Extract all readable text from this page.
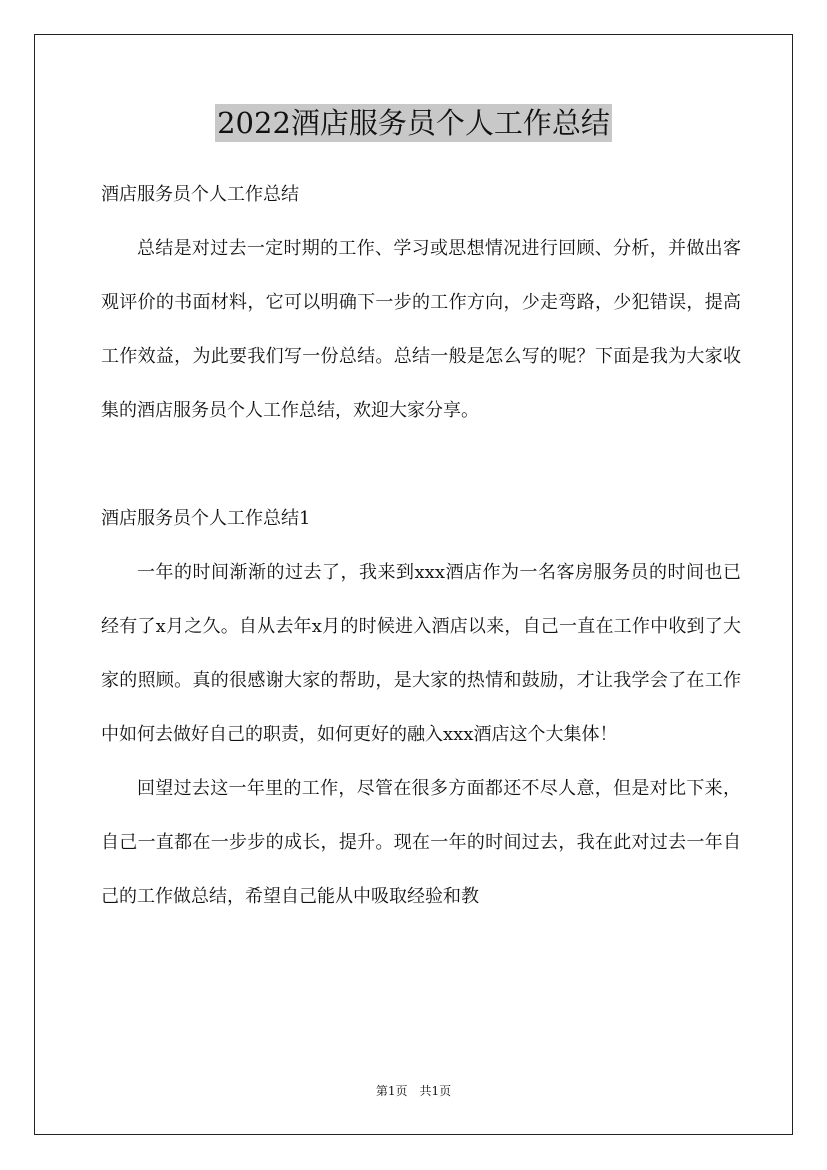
2022酒店服务员个人工作总结

酒店服务员个人工作总结

总结是对过去一定时期的工作、学习或思想情况进行回顾、分析，并做出客观评价的书面材料，它可以明确下一步的工作方向，少走弯路，少犯错误，提高工作效益，为此要我们写一份总结。总结一般是怎么写的呢？下面是我为大家收集的酒店服务员个人工作总结，欢迎大家分享。

酒店服务员个人工作总结1

一年的时间渐渐的过去了，我来到xxx酒店作为一名客房服务员的时间也已经有了x月之久。自从去年x月的时候进入酒店以来，自己一直在工作中收到了大家的照顾。真的很感谢大家的帮助，是大家的热情和鼓励，才让我学会了在工作中如何去做好自己的职责，如何更好的融入xxx酒店这个大集体！

回望过去这一年里的工作，尽管在很多方面都还不尽人意，但是对比下来，自己一直都在一步步的成长，提升。现在一年的时间过去，我在此对过去一年自己的工作做总结，希望自己能从中吸取经验和教

第1页 共1页
